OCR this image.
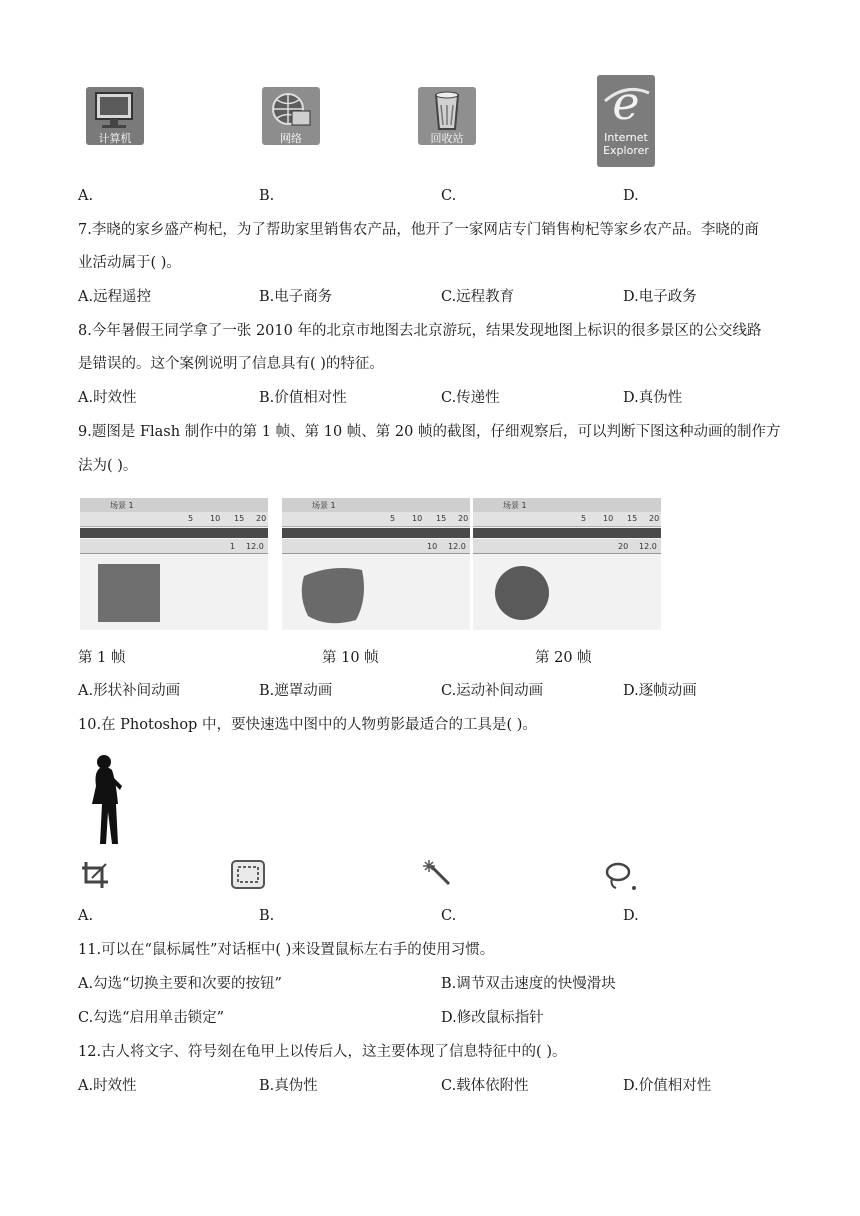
计算机	网络	回收站
e
Internet
Explorer
A.	B.	C.	D.
7.李晓的家乡盛产枸杞，为了帮助家里销售农产品，他开了一家网店专门销售枸杞等家乡农产品。李晓的商
业活动属于( )。
A.远程遥控	B.电子商务	C.远程教育	D.电子政务
8.今年暑假王同学拿了一张 2010 年的北京市地图去北京游玩，结果发现地图上标识的很多景区的公交线路
是错误的。这个案例说明了信息具有( )的特征。
A.时效性	B.价值相对性	C.传递性	D.真伪性
9.题图是 Flash 制作中的第 1 帧、第 10 帧、第 20 帧的截图，仔细观察后，可以判断下图这种动画的制作方
法为( )。
场景 1
5 10 15 20
1 12.0
场景 1
5 10 15 20
10 12.0
场景 1
5 10 15 20
20 12.0
第 1 帧	第 10 帧	第 20 帧
A.形状补间动画	B.遮罩动画	C.运动补间动画	D.逐帧动画
10.在 Photoshop 中，要快速选中图中的人物剪影最适合的工具是( )。
A.	B.	C.	D.
11.可以在“鼠标属性”对话框中( )来设置鼠标左右手的使用习惯。
A.勾选“切换主要和次要的按钮”	B.调节双击速度的快慢滑块
C.勾选“启用单击锁定”	D.修改鼠标指针
12.古人将文字、符号刻在龟甲上以传后人，这主要体现了信息特征中的( )。
A.时效性	B.真伪性	C.载体依附性	D.价值相对性
